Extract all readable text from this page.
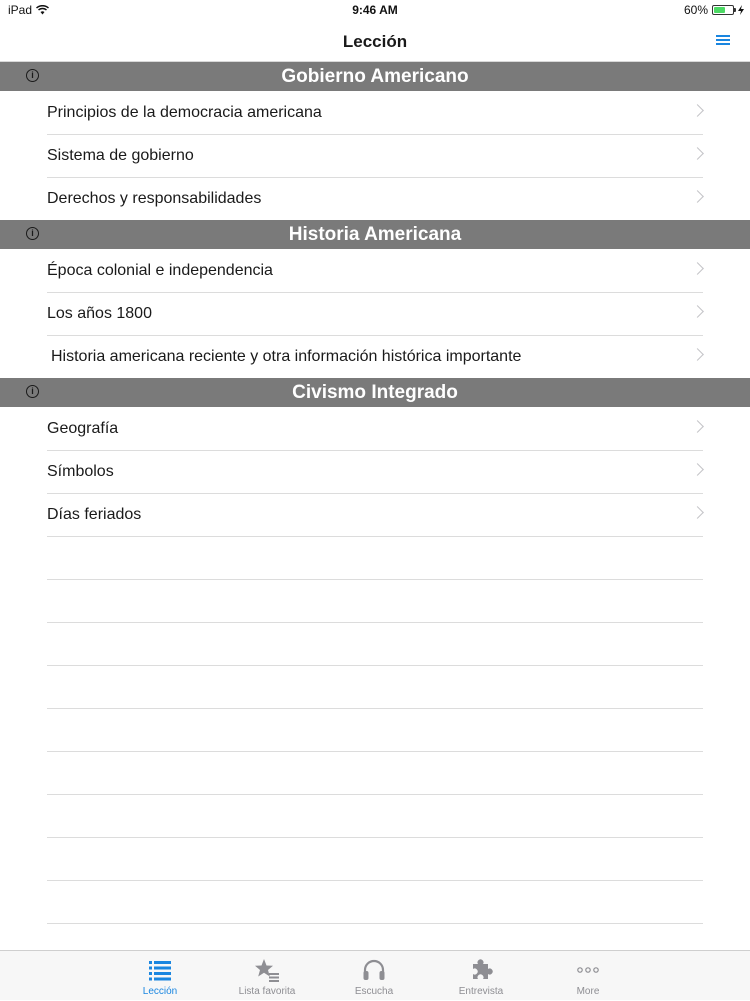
iPad	9:46 AM	60%
Lección
i	Gobierno Americano
Principios de la democracia americana
Sistema de gobierno
Derechos y responsabilidades
i	Historia Americana
Época colonial e independencia
Los años 1800
Historia americana reciente y otra información histórica importante
i	Civismo Integrado
Geografía
Símbolos
Días feriados
Lección	Lista favorita	Escucha	Entrevista	More
